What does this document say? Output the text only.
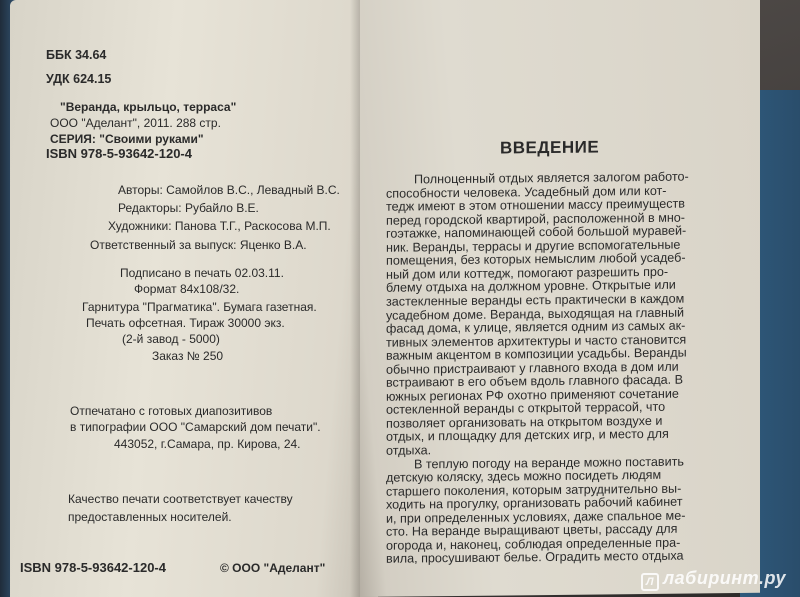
ББК 34.64
УДК 624.15
"Веранда, крыльцо, терраса"
ООО "Аделант", 2011. 288 стр.
СЕРИЯ: "Своими руками"
ISBN 978-5-93642-120-4
Авторы: Самойлов В.С., Левадный В.С.
Редакторы: Рубайло В.Е.
Художники: Панова Т.Г., Раскосова М.П.
Ответственный за выпуск: Яценко В.А.
Подписано в печать 02.03.11.
Формат 84x108/32.
Гарнитура "Прагматика". Бумага газетная.
Печать офсетная. Тираж 30000 экз.
(2-й завод - 5000)
Заказ № 250
Отпечатано с готовых диапозитивов
в типографии ООО "Самарский дом печати".
443052, г.Самара, пр. Кирова, 24.
Качество печати соответствует качеству
предоставленных носителей.
ISBN 978-5-93642-120-4	© ООО "Аделант"
ВВЕДЕНИЕ
Полноценный отдых является залогом работо-
способности человека. Усадебный дом или кот-
тедж имеют в этом отношении массу преимуществ
перед городской квартирой, расположенной в мно-
гоэтажке, напоминающей собой большой муравей-
ник. Веранды, террасы и другие вспомогательные
помещения, без которых немыслим любой усадеб-
ный дом или коттедж, помогают разрешить про-
блему отдыха на должном уровне. Открытые или
застекленные веранды есть практически в каждом
усадебном доме. Веранда, выходящая на главный
фасад дома, к улице, является одним из самых ак-
тивных элементов архитектуры и часто становится
важным акцентом в композиции усадьбы. Веранды
обычно пристраивают у главного входа в дом или
встраивают в его объем вдоль главного фасада. В
южных регионах РФ охотно применяют сочетание
остекленной веранды с открытой террасой, что
позволяет организовать на открытом воздухе и
отдых, и площадку для детских игр, и место для
отдыха.
В теплую погоду на веранде можно поставить
детскую коляску, здесь можно посидеть людям
старшего поколения, которым затруднительно вы-
ходить на прогулку, организовать рабочий кабинет
и, при определенных условиях, даже спальное ме-
сто. На веранде выращивают цветы, рассаду для
огорода и, наконец, соблюдая определенные пра-
вила, просушивают белье. Оградить место отдыха
Л лабиринт.ру
